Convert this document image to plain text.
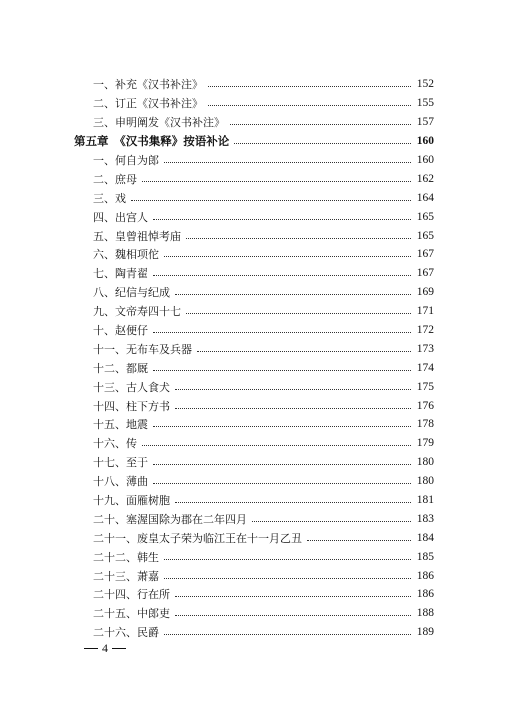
一、补充《汉书补注》	152
二、订正《汉书补注》	155
三、申明阐发《汉书补注》	157
第五章　《汉书集释》按语补论	160
一、何自为郎	160
二、庶母	162
三、戏	164
四、出宫人	165
五、皇曾祖悼考庙	165
六、魏相项佗	167
七、陶青翟	167
八、纪信与纪成	169
九、文帝寿四十七	171
十、赵便仔	172
十一、无布车及兵器	173
十二、都厩	174
十三、古人食犬	175
十四、柱下方书	176
十五、地震	178
十六、传	179
十七、至于	180
十八、薄曲	180
十九、面雁树胞	181
二十、塞渥国除为郡在二年四月	183
二十一、废皇太子荣为临江王在十一月乙丑	184
二十二、韩生	185
二十三、萧嘉	186
二十四、行在所	186
二十五、中郎吏	188
二十六、民爵	189
4
